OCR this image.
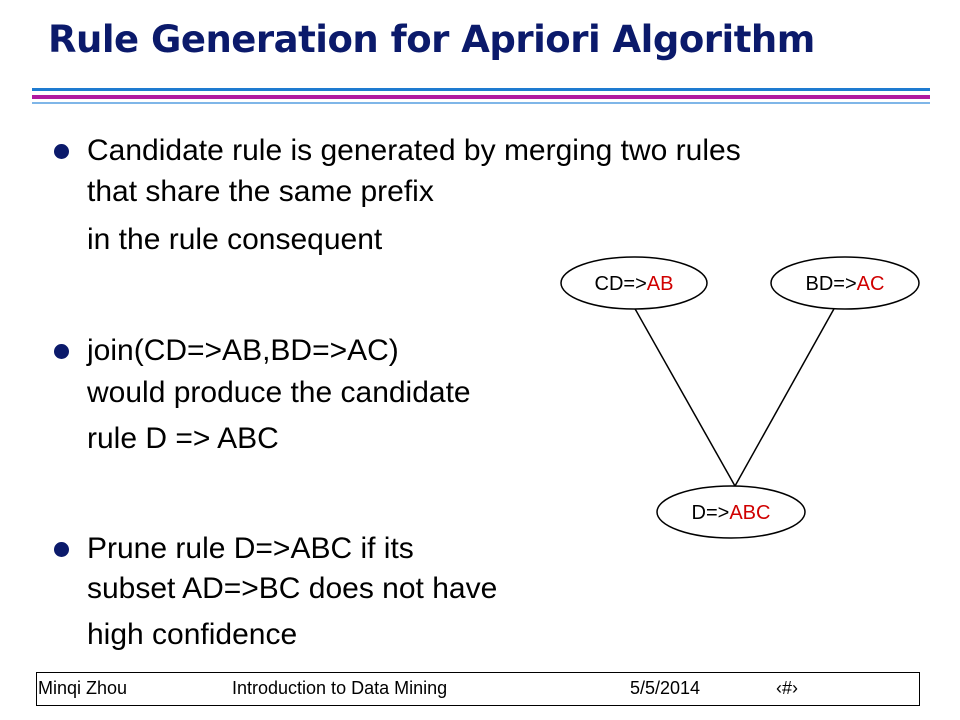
Rule Generation for Apriori Algorithm
Candidate rule is generated by merging two rules
that share the same prefix
in the rule consequent
join(CD=>AB,BD=>AC)
would produce the candidate
rule D => ABC
Prune rule D=>ABC if its
subset AD=>BC does not have
high confidence
CD=>AB	BD=>AC
D=>ABC
Minqi Zhou	Introduction to Data Mining	5/5/2014	‹#›
